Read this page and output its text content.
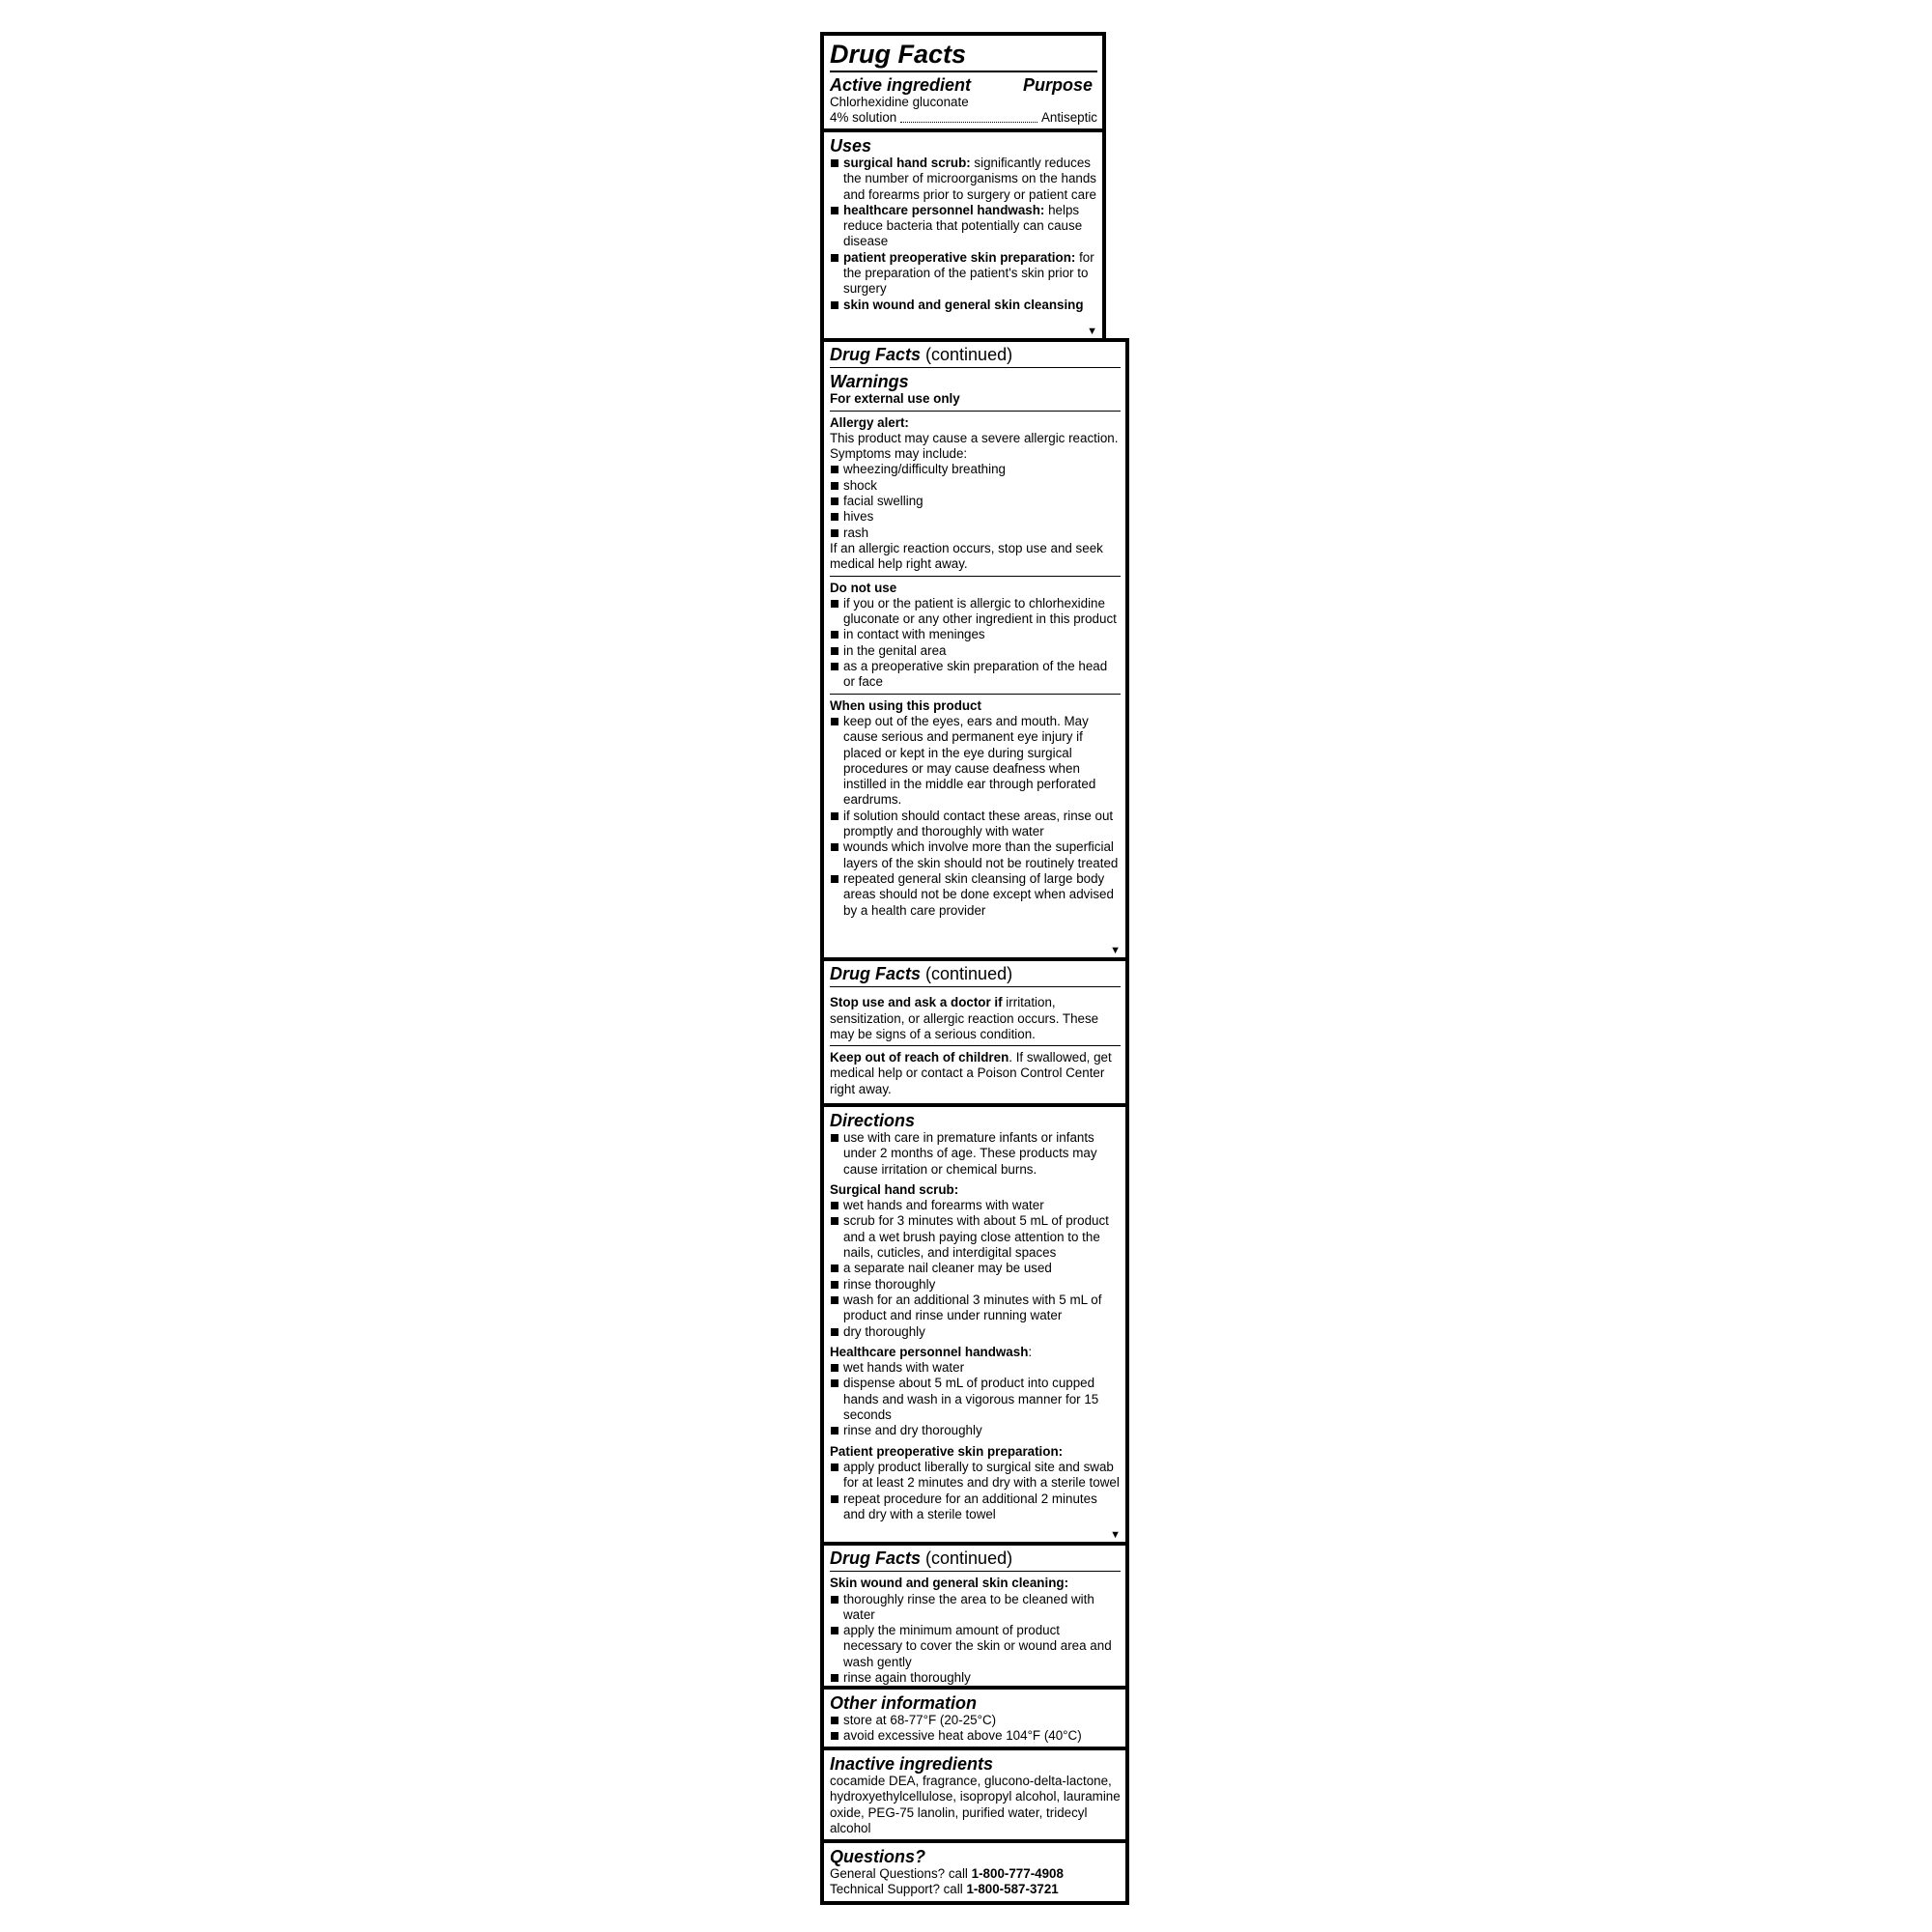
Drug Facts
Active ingredient	Purpose
Chlorhexidine gluconate
4% solution	Antiseptic
Uses
surgical hand scrub: significantly reduces the number of microorganisms on the hands and forearms prior to surgery or patient care
healthcare personnel handwash: helps reduce bacteria that potentially can cause disease
patient preoperative skin preparation: for the preparation of the patient's skin prior to surgery
skin wound and general skin cleansing
▼
Drug Facts (continued)
Warnings
For external use only
Allergy alert:
This product may cause a severe allergic reaction. Symptoms may include:
wheezing/difficulty breathing
shock
facial swelling
hives
rash
If an allergic reaction occurs, stop use and seek medical help right away.
Do not use
if you or the patient is allergic to chlorhexidine gluconate or any other ingredient in this product
in contact with meninges
in the genital area
as a preoperative skin preparation of the head or face
When using this product
keep out of the eyes, ears and mouth. May cause serious and permanent eye injury if placed or kept in the eye during surgical procedures or may cause deafness when instilled in the middle ear through perforated eardrums.
if solution should contact these areas, rinse out promptly and thoroughly with water
wounds which involve more than the superficial layers of the skin should not be routinely treated
repeated general skin cleansing of large body areas should not be done except when advised by a health care provider
▼
Drug Facts (continued)
Stop use and ask a doctor if irritation, sensitization, or allergic reaction occurs. These may be signs of a serious condition.
Keep out of reach of children. If swallowed, get medical help or contact a Poison Control Center right away.
Directions
use with care in premature infants or infants under 2 months of age. These products may cause irritation or chemical burns.
Surgical hand scrub:
wet hands and forearms with water
scrub for 3 minutes with about 5 mL of product and a wet brush paying close attention to the nails, cuticles, and interdigital spaces
a separate nail cleaner may be used
rinse thoroughly
wash for an additional 3 minutes with 5 mL of product and rinse under running water
dry thoroughly
Healthcare personnel handwash:
wet hands with water
dispense about 5 mL of product into cupped hands and wash in a vigorous manner for 15 seconds
rinse and dry thoroughly
Patient preoperative skin preparation:
apply product liberally to surgical site and swab for at least 2 minutes and dry with a sterile towel
repeat procedure for an additional 2 minutes and dry with a sterile towel
▼
Drug Facts (continued)
Skin wound and general skin cleaning:
thoroughly rinse the area to be cleaned with water
apply the minimum amount of product necessary to cover the skin or wound area and wash gently
rinse again thoroughly
Other information
store at 68-77°F (20-25°C)
avoid excessive heat above 104°F (40°C)
Inactive ingredients
cocamide DEA, fragrance, glucono-delta-lactone, hydroxyethylcellulose, isopropyl alcohol, lauramine oxide, PEG-75 lanolin, purified water, tridecyl alcohol
Questions?
General Questions? call 1-800-777-4908
Technical Support? call 1-800-587-3721
